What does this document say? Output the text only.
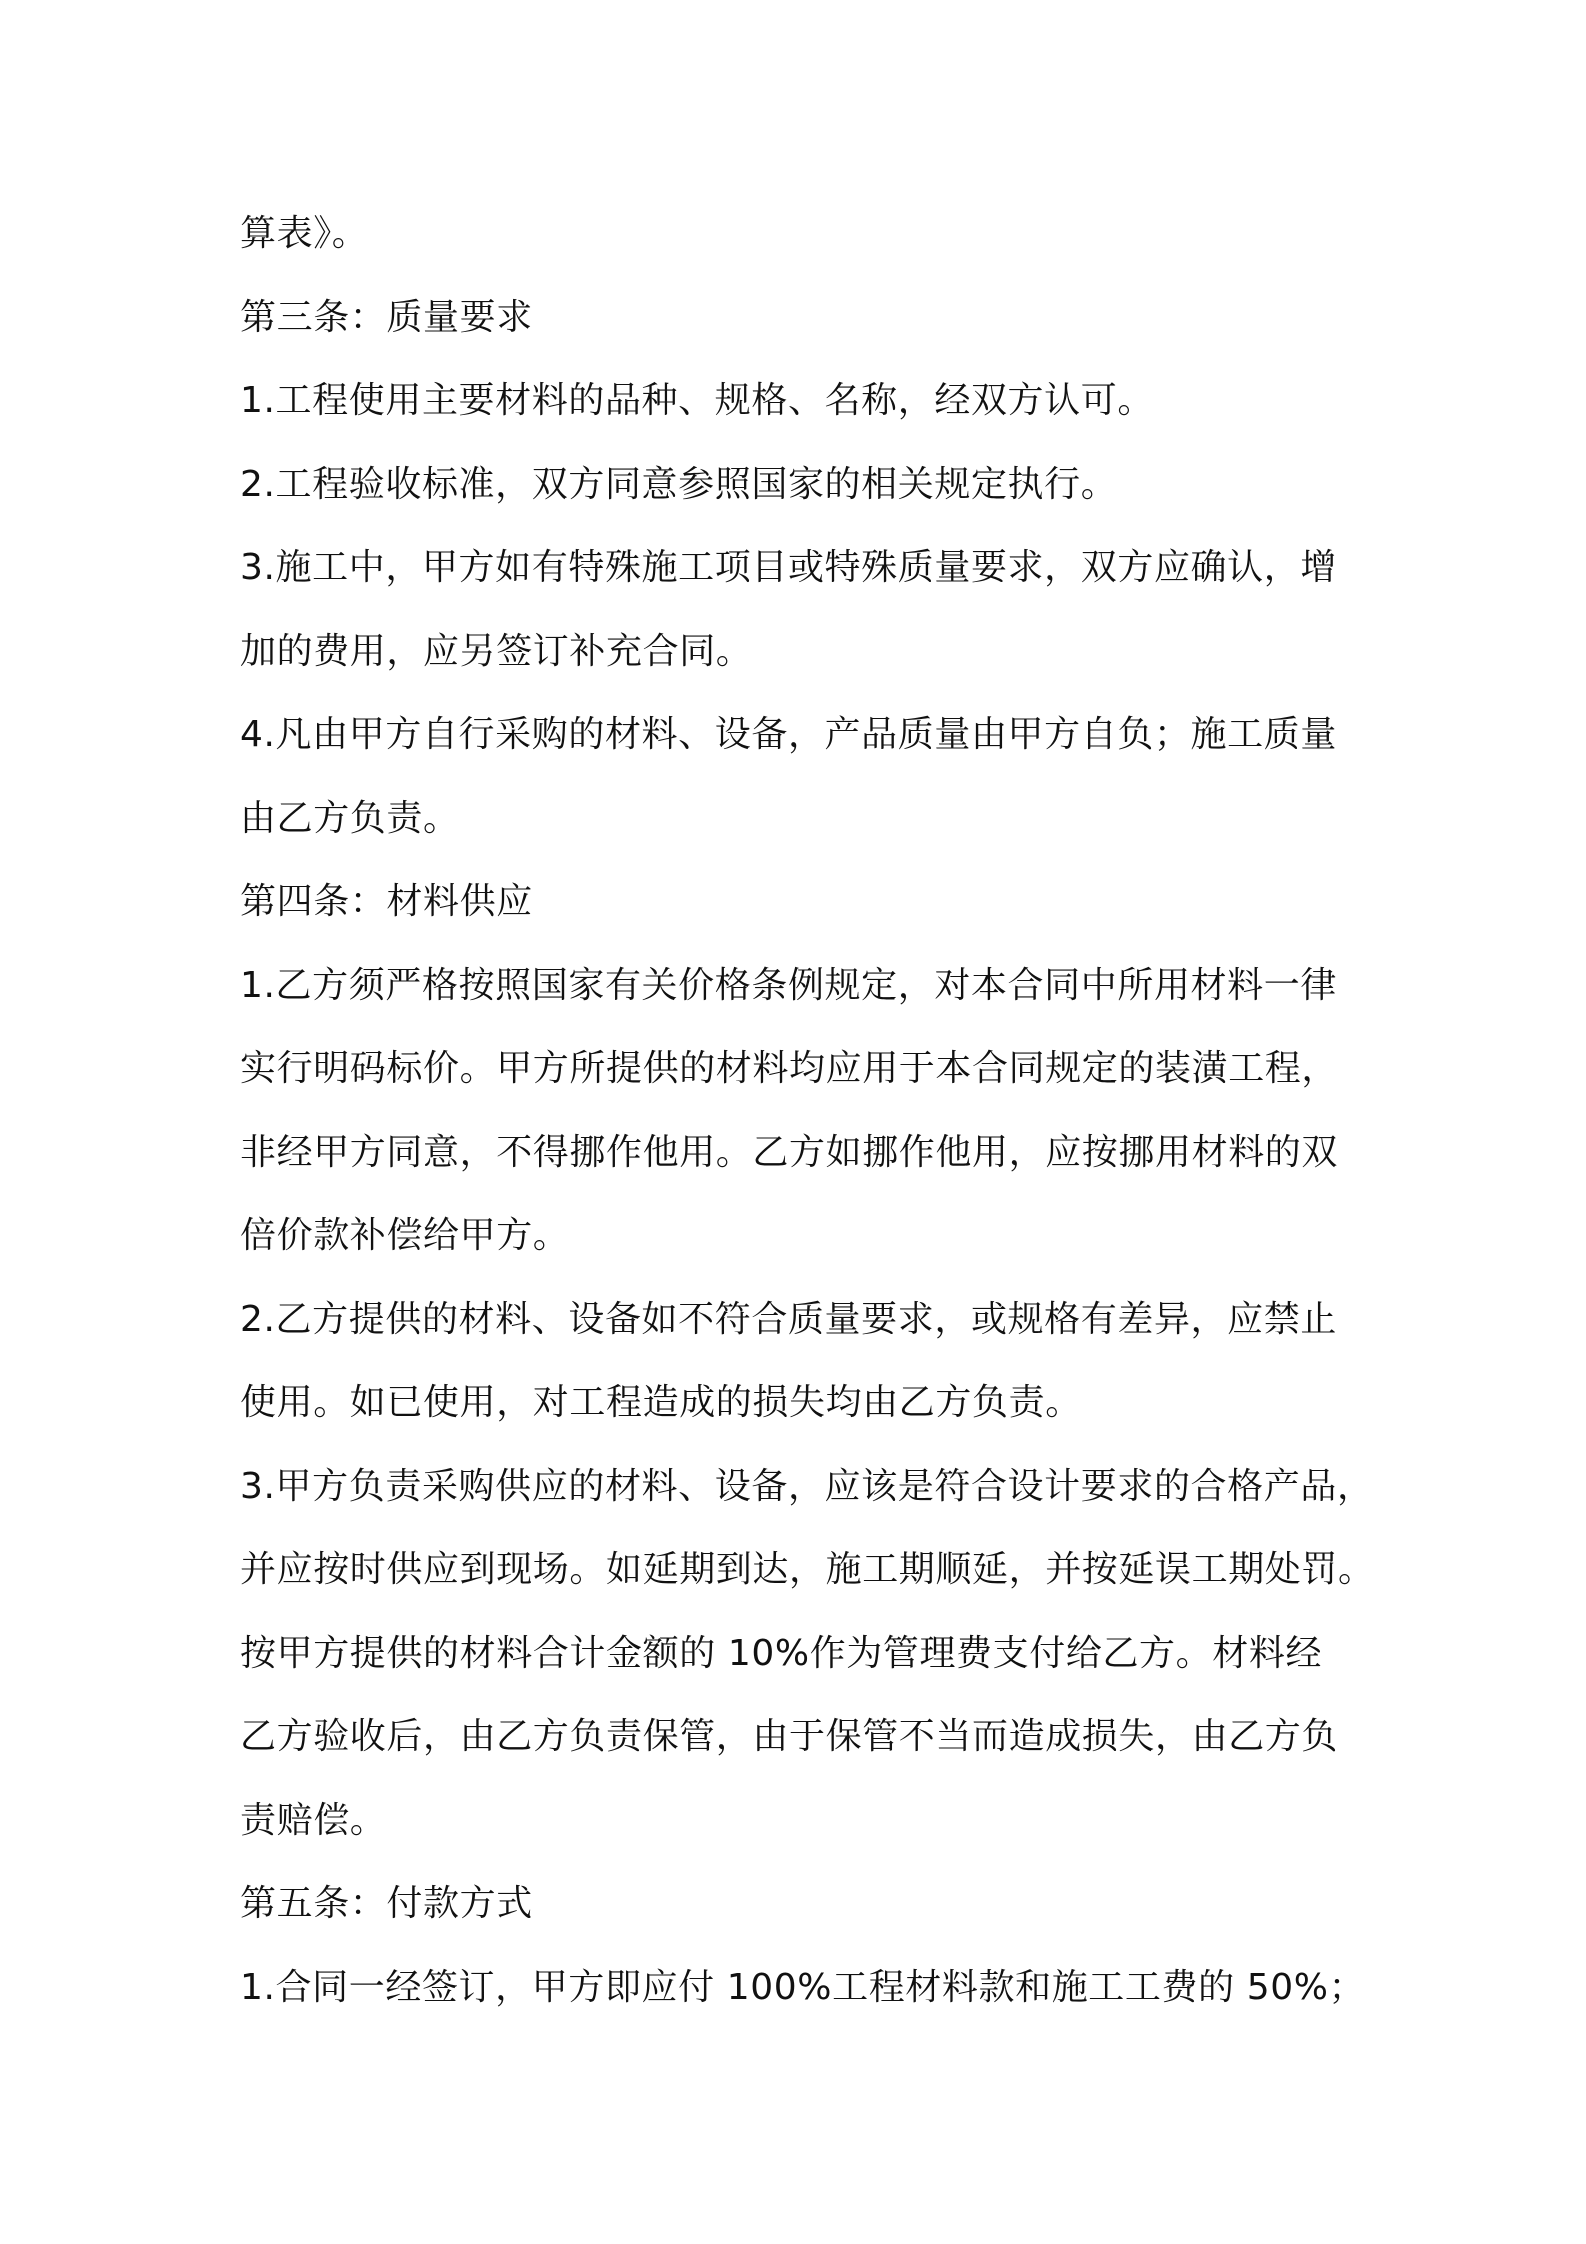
算表》。
第三条：质量要求
1.工程使用主要材料的品种、规格、名称，经双方认可。
2.工程验收标准，双方同意参照国家的相关规定执行。
3.施工中，甲方如有特殊施工项目或特殊质量要求，双方应确认，增
加的费用，应另签订补充合同。
4.凡由甲方自行采购的材料、设备，产品质量由甲方自负；施工质量
由乙方负责。
第四条：材料供应
1.乙方须严格按照国家有关价格条例规定，对本合同中所用材料一律
实行明码标价。甲方所提供的材料均应用于本合同规定的装潢工程，
非经甲方同意，不得挪作他用。乙方如挪作他用，应按挪用材料的双
倍价款补偿给甲方。
2.乙方提供的材料、设备如不符合质量要求，或规格有差异，应禁止
使用。如已使用，对工程造成的损失均由乙方负责。
3.甲方负责采购供应的材料、设备，应该是符合设计要求的合格产品，
并应按时供应到现场。如延期到达，施工期顺延，并按延误工期处罚。
按甲方提供的材料合计金额的 10%作为管理费支付给乙方。材料经
乙方验收后，由乙方负责保管，由于保管不当而造成损失，由乙方负
责赔偿。
第五条：付款方式
1.合同一经签订，甲方即应付 100%工程材料款和施工工费的 50%；
